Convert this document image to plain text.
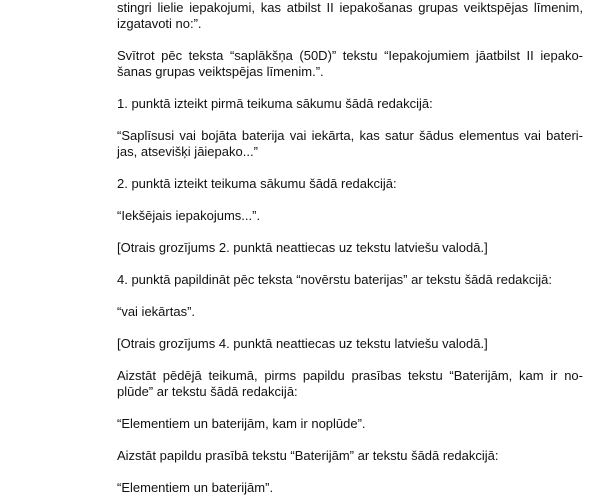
stingri lielie iepakojumi, kas atbilst II iepakošanas grupas veiktspējas līmenim,
izgatavoti no:”.
Svītrot pēc teksta “saplākšņa (50D)” tekstu “Iepakojumiem jāatbilst II iepako-
šanas grupas veiktspējas līmenim.”.
1. punktā izteikt pirmā teikuma sākumu šādā redakcijā:
“Saplīsusi vai bojāta baterija vai iekārta, kas satur šādus elementus vai bateri-
jas, atsevišķi jāiepako...”
2. punktā izteikt teikuma sākumu šādā redakcijā:
“Iekšējais iepakojums...”.
[Otrais grozījums 2. punktā neattiecas uz tekstu latviešu valodā.]
4. punktā papildināt pēc teksta “novērstu baterijas” ar tekstu šādā redakcijā:
“vai iekārtas”.
[Otrais grozījums 4. punktā neattiecas uz tekstu latviešu valodā.]
Aizstāt pēdējā teikumā, pirms papildu prasības tekstu “Baterijām, kam ir no-
plūde” ar tekstu šādā redakcijā:
“Elementiem un baterijām, kam ir noplūde”.
Aizstāt papildu prasībā tekstu “Baterijām” ar tekstu šādā redakcijā:
“Elementiem un baterijām”.
